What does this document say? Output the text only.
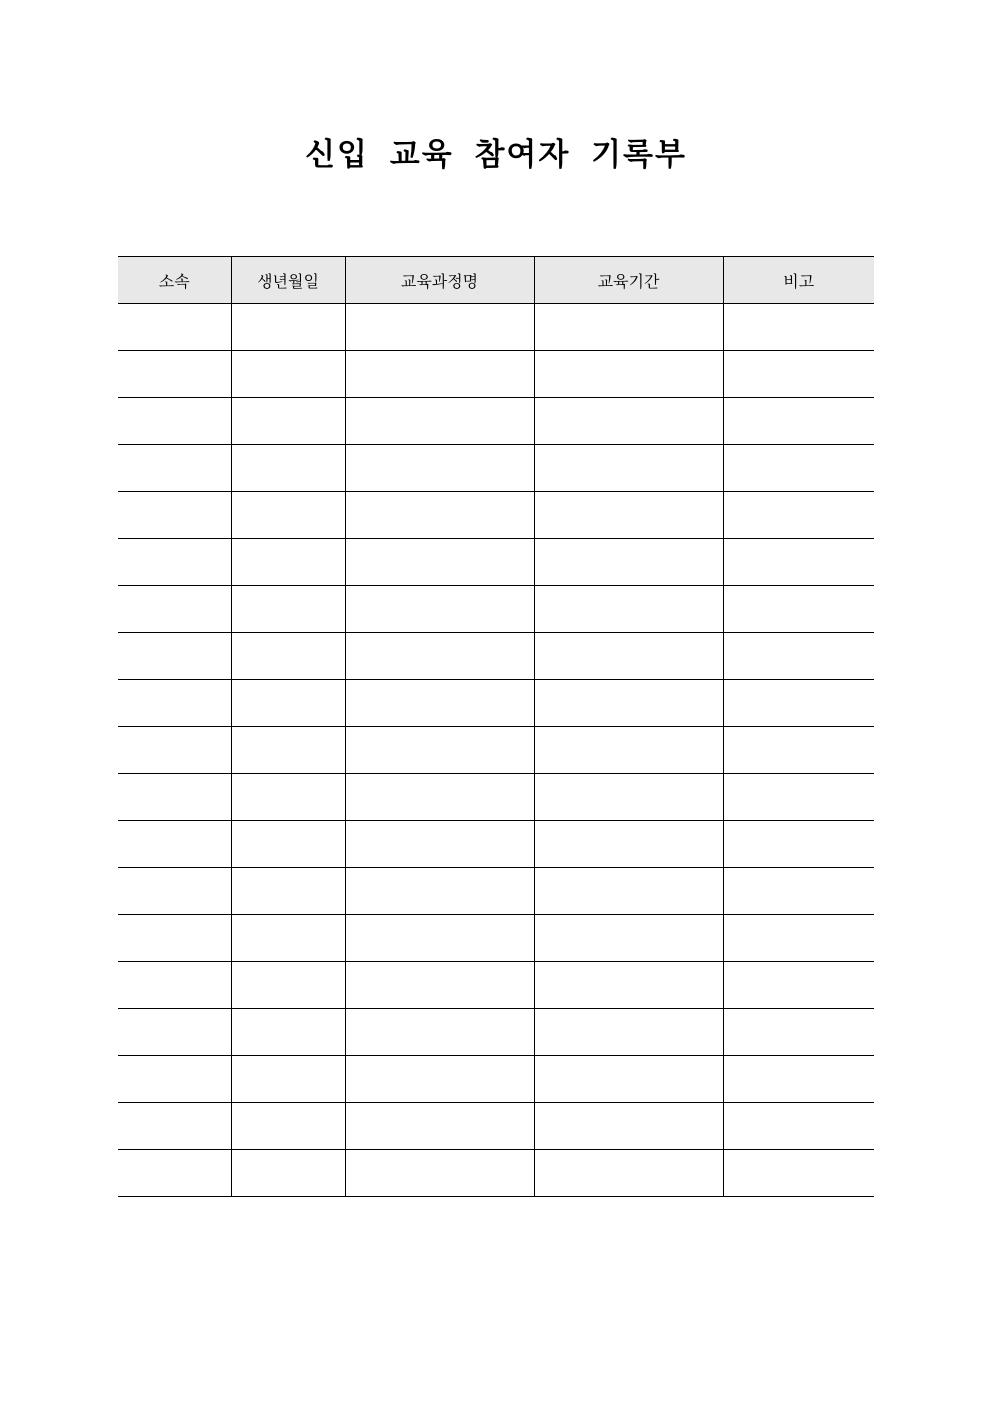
신입 교육 참여자 기록부
소속	생년월일	교육과정명	교육기간	비고
